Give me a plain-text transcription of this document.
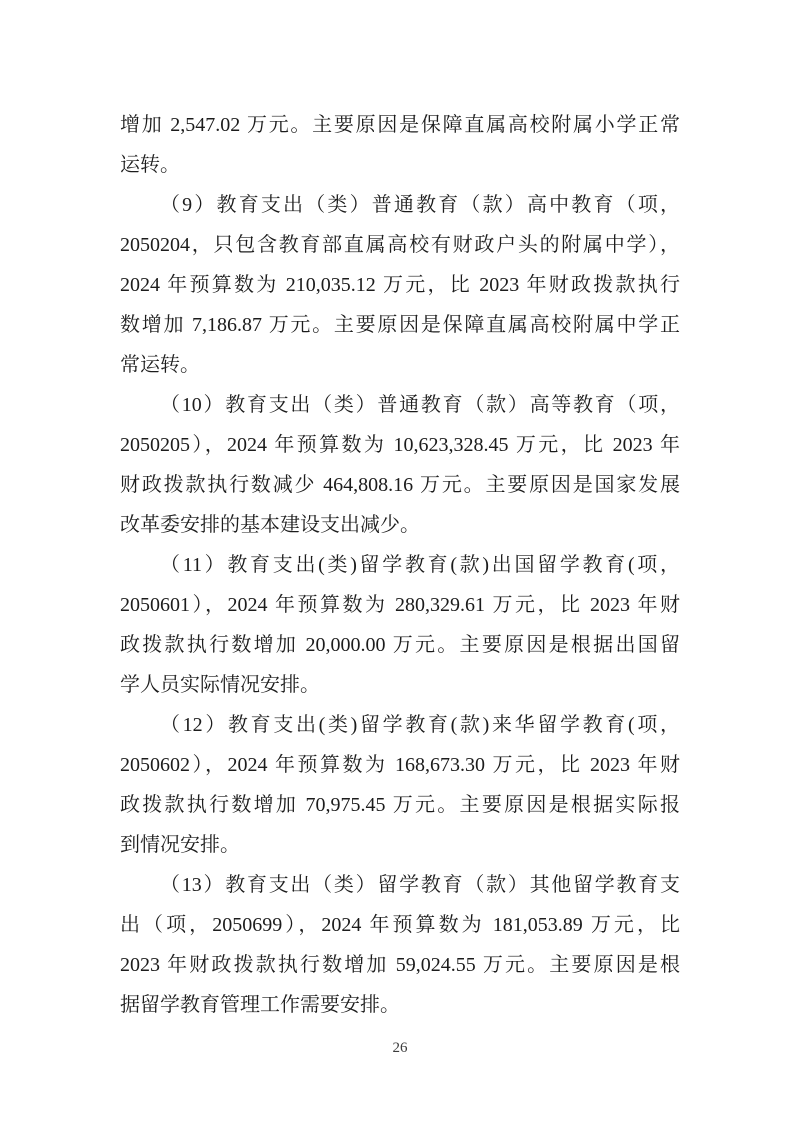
增加 2,547.02 万元。主要原因是保障直属高校附属小学正常
运转。
（9）教育支出（类）普通教育（款）高中教育（项，
2050204，只包含教育部直属高校有财政户头的附属中学），
2024 年预算数为 210,035.12 万元，比 2023 年财政拨款执行
数增加 7,186.87 万元。主要原因是保障直属高校附属中学正
常运转。
（10）教育支出（类）普通教育（款）高等教育（项，
2050205），2024 年预算数为 10,623,328.45 万元，比 2023 年
财政拨款执行数减少 464,808.16 万元。主要原因是国家发展
改革委安排的基本建设支出减少。
（11）教育支出(类)留学教育(款)出国留学教育(项，
2050601），2024 年预算数为 280,329.61 万元，比 2023 年财
政拨款执行数增加 20,000.00 万元。主要原因是根据出国留
学人员实际情况安排。
（12）教育支出(类)留学教育(款)来华留学教育(项，
2050602），2024 年预算数为 168,673.30 万元，比 2023 年财
政拨款执行数增加 70,975.45 万元。主要原因是根据实际报
到情况安排。
（13）教育支出（类）留学教育（款）其他留学教育支
出（项，2050699），2024 年预算数为 181,053.89 万元，比
2023 年财政拨款执行数增加 59,024.55 万元。主要原因是根
据留学教育管理工作需要安排。
26
